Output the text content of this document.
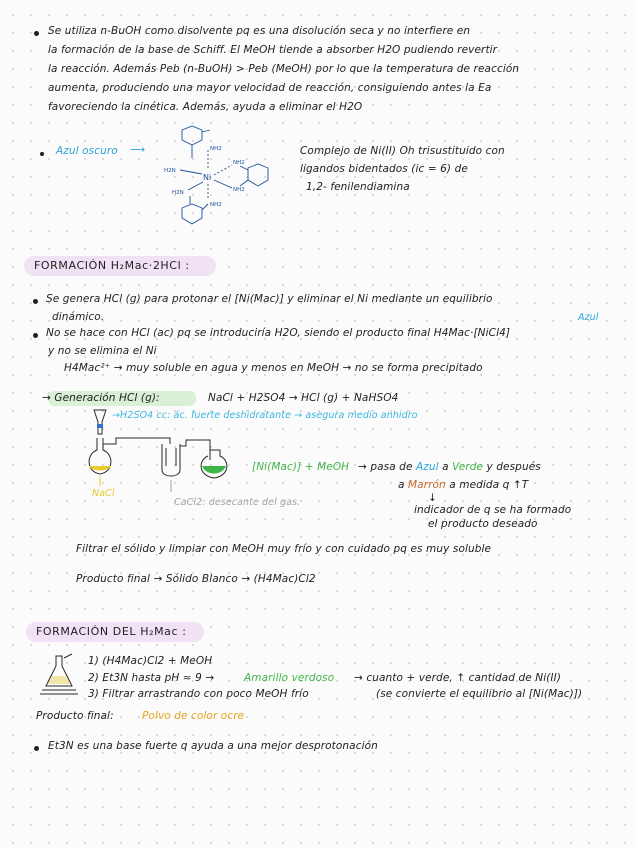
Se utiliza n-BuOH como disolvente pq es una disolución seca y no interfiere en
la formación de la base de Schiff. El MeOH tiende a absorber H2O pudiendo revertir
la reacción. Además Peb (n-BuOH) > Peb (MeOH) por lo que la temperatura de reacción
aumenta, produciendo una mayor velocidad de reacción, consiguiendo antes la Ea
favoreciendo la cinética. Además, ayuda a eliminar el H2O
Azul oscuro ⟶	NH2
H2N
NH2
NH2
H2N
NH2
Ni
Complejo de Ni(II) Oh trisustituido con
ligandos bidentados (ic = 6) de
1,2- fenilendiamina
FORMACIÓN H₂Mac·2HCl :
Se genera HCl (g) para protonar el [Ni(Mac)] y eliminar el Ni mediante un equilibrio
dinámico.	Azul
No se hace con HCl (ac) pq se introduciría H2O, siendo el producto final H4Mac·[NiCl4]
y no se elimina el Ni
H4Mac²⁺ → muy soluble en agua y menos en MeOH → no se forma precipitado
→ Generación HCl (g):	NaCl + H2SO4 → HCl (g) + NaHSO4
→H2SO4 cc: ác. fuerte deshidratante → asegura medio anhidro
NaCl
CaCl2: desecante del gas.
[Ni(Mac)] + MeOH → pasa de Azul a Verde y después
a Marrón a medida q ↑T
↓
indicador de q se ha formado
el producto deseado
Filtrar el sólido y limpiar con MeOH muy frío y con cuidado pq es muy soluble
Producto final → Sólido Blanco → (H4Mac)Cl2
FORMACIÓN DEL H₂Mac :
1) (H4Mac)Cl2 + MeOH
2) Et3N hasta pH ≈ 9 →	Amarillo verdoso → cuanto + verde, ↑ cantidad de Ni(II)
3) Filtrar arrastrando con poco MeOH frío	(se convierte el equilibrio al [Ni(Mac)])
Producto final:	Polvo de color ocre
Et3N es una base fuerte q ayuda a una mejor desprotonación
